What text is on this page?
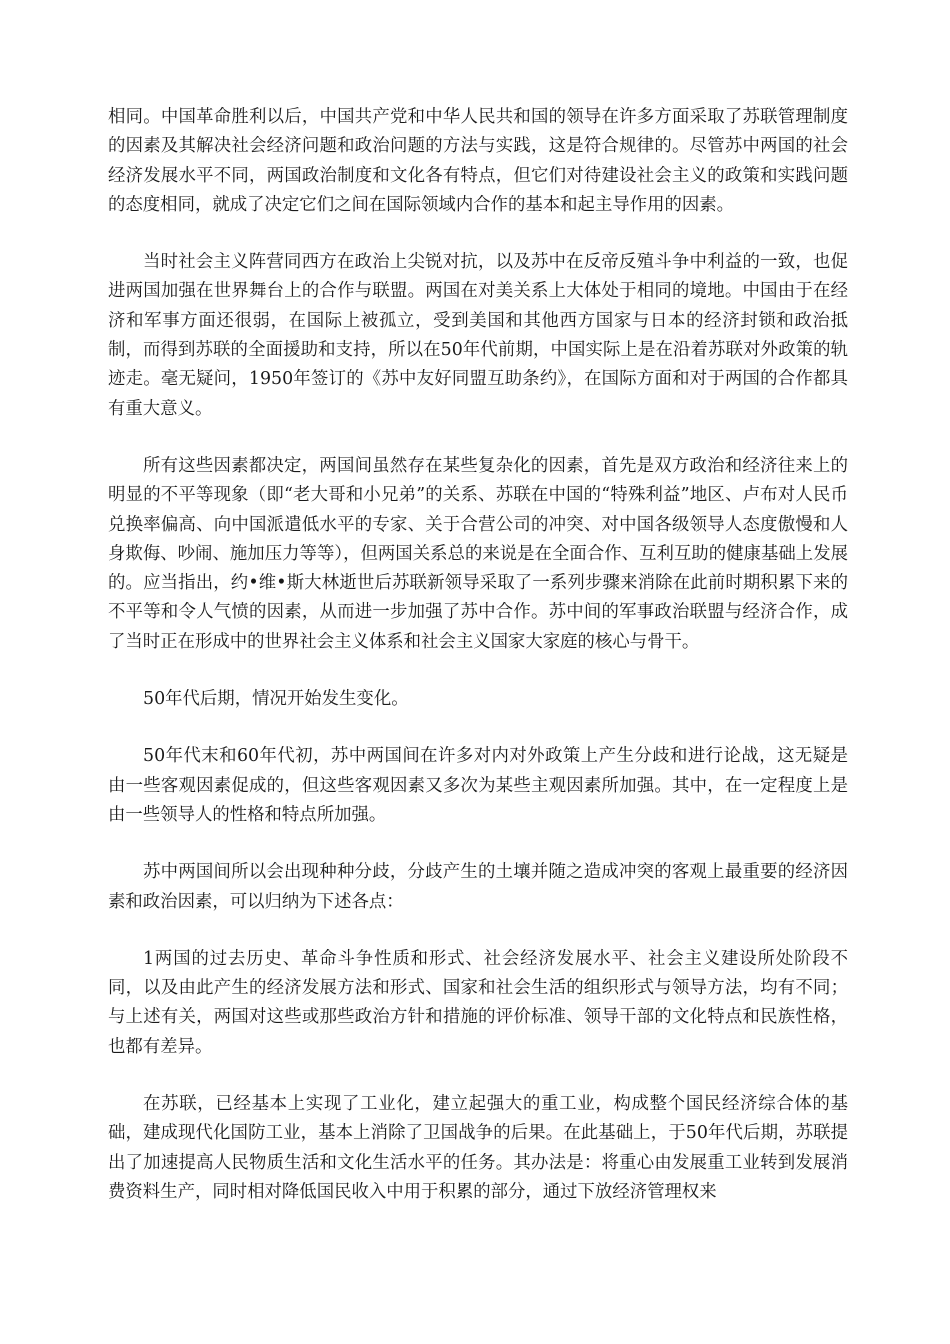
相同。中国革命胜利以后，中国共产党和中华人民共和国的领导在许多方面采取了苏联管理制度的因素及其解决社会经济问题和政治问题的方法与实践，这是符合规律的。尽管苏中两国的社会经济发展水平不同，两国政治制度和文化各有特点，但它们对待建设社会主义的政策和实践问题的态度相同，就成了决定它们之间在国际领域内合作的基本和起主导作用的因素。

当时社会主义阵营同西方在政治上尖锐对抗，以及苏中在反帝反殖斗争中利益的一致，也促进两国加强在世界舞台上的合作与联盟。两国在对美关系上大体处于相同的境地。中国由于在经济和军事方面还很弱，在国际上被孤立，受到美国和其他西方国家与日本的经济封锁和政治抵制，而得到苏联的全面援助和支持，所以在50年代前期，中国实际上是在沿着苏联对外政策的轨迹走。毫无疑问，1950年签订的《苏中友好同盟互助条约》，在国际方面和对于两国的合作都具有重大意义。

所有这些因素都决定，两国间虽然存在某些复杂化的因素，首先是双方政治和经济往来上的明显的不平等现象（即“老大哥和小兄弟”的关系、苏联在中国的“特殊利益”地区、卢布对人民币兑换率偏高、向中国派遣低水平的专家、关于合营公司的冲突、对中国各级领导人态度傲慢和人身欺侮、吵闹、施加压力等等），但两国关系总的来说是在全面合作、互利互助的健康基础上发展的。应当指出，约•维•斯大林逝世后苏联新领导采取了一系列步骤来消除在此前时期积累下来的不平等和令人气愤的因素，从而进一步加强了苏中合作。苏中间的军事政治联盟与经济合作，成了当时正在形成中的世界社会主义体系和社会主义国家大家庭的核心与骨干。

50年代后期，情况开始发生变化。

50年代末和60年代初，苏中两国间在许多对内对外政策上产生分歧和进行论战，这无疑是由一些客观因素促成的，但这些客观因素又多次为某些主观因素所加强。其中，在一定程度上是由一些领导人的性格和特点所加强。

苏中两国间所以会出现种种分歧，分歧产生的土壤并随之造成冲突的客观上最重要的经济因素和政治因素，可以归纳为下述各点：

1两国的过去历史、革命斗争性质和形式、社会经济发展水平、社会主义建设所处阶段不同，以及由此产生的经济发展方法和形式、国家和社会生活的组织形式与领导方法，均有不同；与上述有关，两国对这些或那些政治方针和措施的评价标准、领导干部的文化特点和民族性格，也都有差异。

在苏联，已经基本上实现了工业化，建立起强大的重工业，构成整个国民经济综合体的基础，建成现代化国防工业，基本上消除了卫国战争的后果。在此基础上，于50年代后期，苏联提出了加速提高人民物质生活和文化生活水平的任务。其办法是：将重心由发展重工业转到发展消费资料生产，同时相对降低国民收入中用于积累的部分，通过下放经济管理权来
